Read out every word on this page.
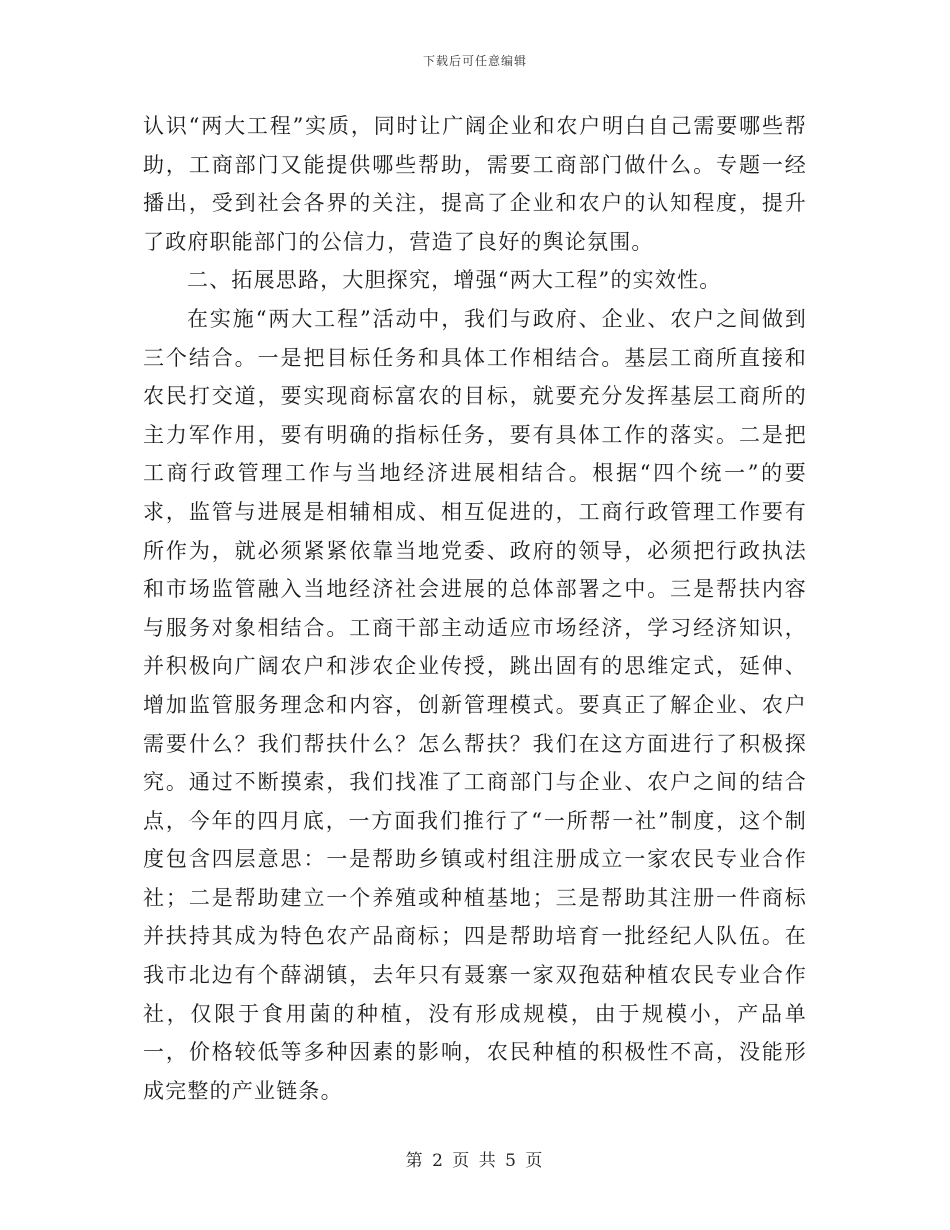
下载后可任意编辑

认识“两大工程”实质，同时让广阔企业和农户明白自己需要哪些帮助，工商部门又能提供哪些帮助，需要工商部门做什么。专题一经播出，受到社会各界的关注，提高了企业和农户的认知程度，提升了政府职能部门的公信力，营造了良好的舆论氛围。

二、拓展思路，大胆探究，增强“两大工程”的实效性。

在实施“两大工程”活动中，我们与政府、企业、农户之间做到三个结合。一是把目标任务和具体工作相结合。基层工商所直接和农民打交道，要实现商标富农的目标，就要充分发挥基层工商所的主力军作用，要有明确的指标任务，要有具体工作的落实。二是把工商行政管理工作与当地经济进展相结合。根据“四个统一”的要求，监管与进展是相辅相成、相互促进的，工商行政管理工作要有所作为，就必须紧紧依靠当地党委、政府的领导，必须把行政执法和市场监管融入当地经济社会进展的总体部署之中。三是帮扶内容与服务对象相结合。工商干部主动适应市场经济，学习经济知识，并积极向广阔农户和涉农企业传授，跳出固有的思维定式，延伸、增加监管服务理念和内容，创新管理模式。要真正了解企业、农户需要什么？我们帮扶什么？怎么帮扶？我们在这方面进行了积极探究。通过不断摸索，我们找准了工商部门与企业、农户之间的结合点，今年的四月底，一方面我们推行了“一所帮一社”制度，这个制度包含四层意思：一是帮助乡镇或村组注册成立一家农民专业合作社；二是帮助建立一个养殖或种植基地；三是帮助其注册一件商标并扶持其成为特色农产品商标；四是帮助培育一批经纪人队伍。在我市北边有个薛湖镇，去年只有聂寨一家双孢菇种植农民专业合作社，仅限于食用菌的种植，没有形成规模，由于规模小，产品单一，价格较低等多种因素的影响，农民种植的积极性不高，没能形成完整的产业链条。

第 2 页 共 5 页
